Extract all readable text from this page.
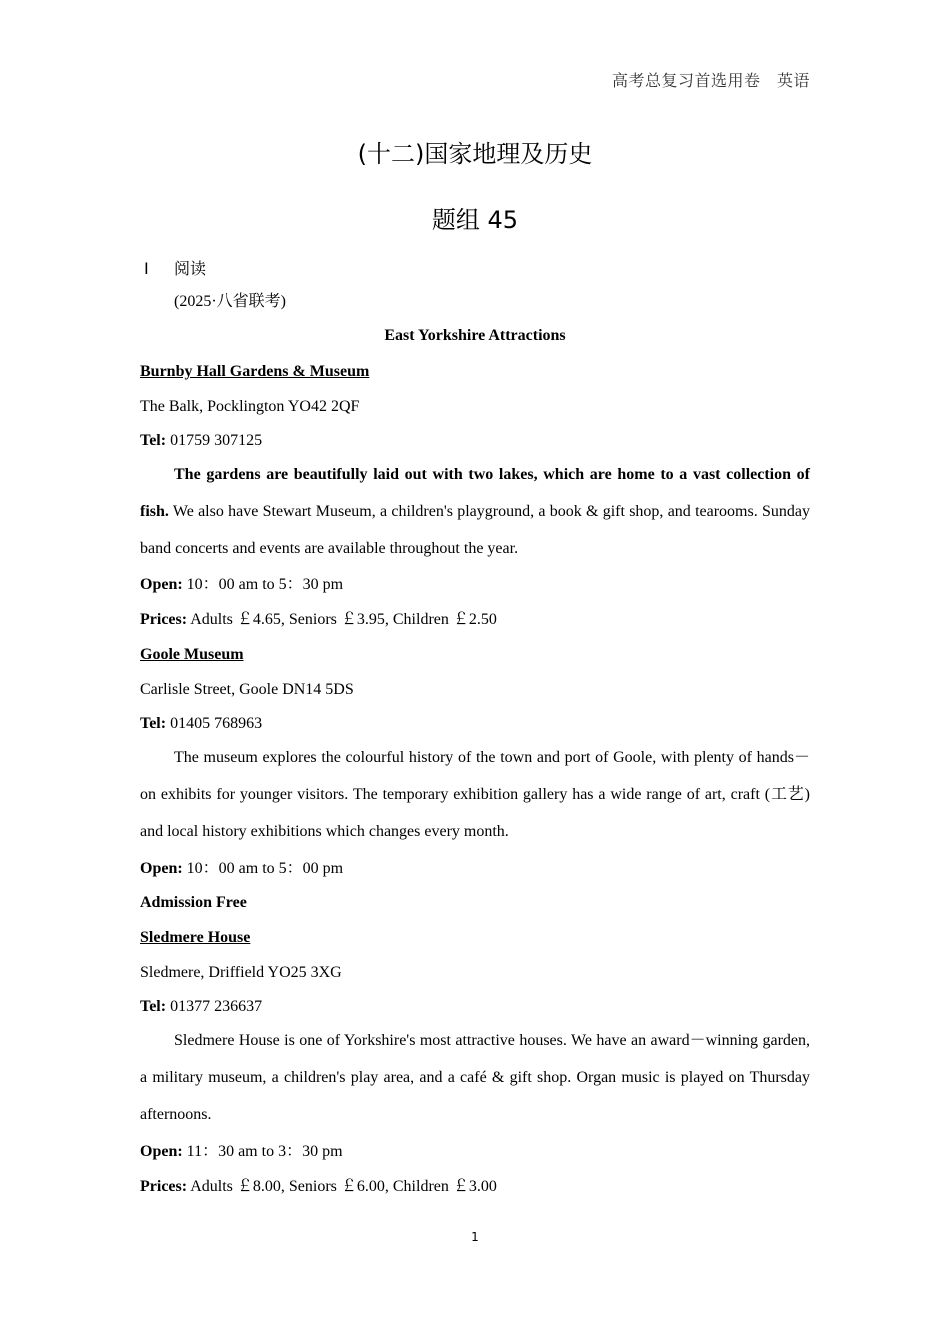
高考总复习首选用卷　英语
(十二)国家地理及历史
题组 45
Ⅰ 阅读
(2025·八省联考)
East Yorkshire Attractions
Burnby Hall Gardens & Museum
The Balk, Pocklington YO42 2QF
Tel: 01759 307125
The gardens are beautifully laid out with two lakes, which are home to a vast collection of fish. We also have Stewart Museum, a children's playground, a book & gift shop, and tearooms. Sunday band concerts and events are available throughout the year.
Open: 10：00 am to 5：30 pm
Prices: Adults ￡4.65, Seniors ￡3.95, Children ￡2.50
Goole Museum
Carlisle Street, Goole DN14 5DS
Tel: 01405 768963
The museum explores the colourful history of the town and port of Goole, with plenty of hands－on exhibits for younger visitors. The temporary exhibition gallery has a wide range of art, craft (工艺) and local history exhibitions which changes every month.
Open: 10：00 am to 5：00 pm
Admission Free
Sledmere House
Sledmere, Driffield YO25 3XG
Tel: 01377 236637
Sledmere House is one of Yorkshire's most attractive houses. We have an award－winning garden, a military museum, a children's play area, and a café & gift shop. Organ music is played on Thursday afternoons.
Open: 11：30 am to 3：30 pm
Prices: Adults ￡8.00, Seniors ￡6.00, Children ￡3.00
1
